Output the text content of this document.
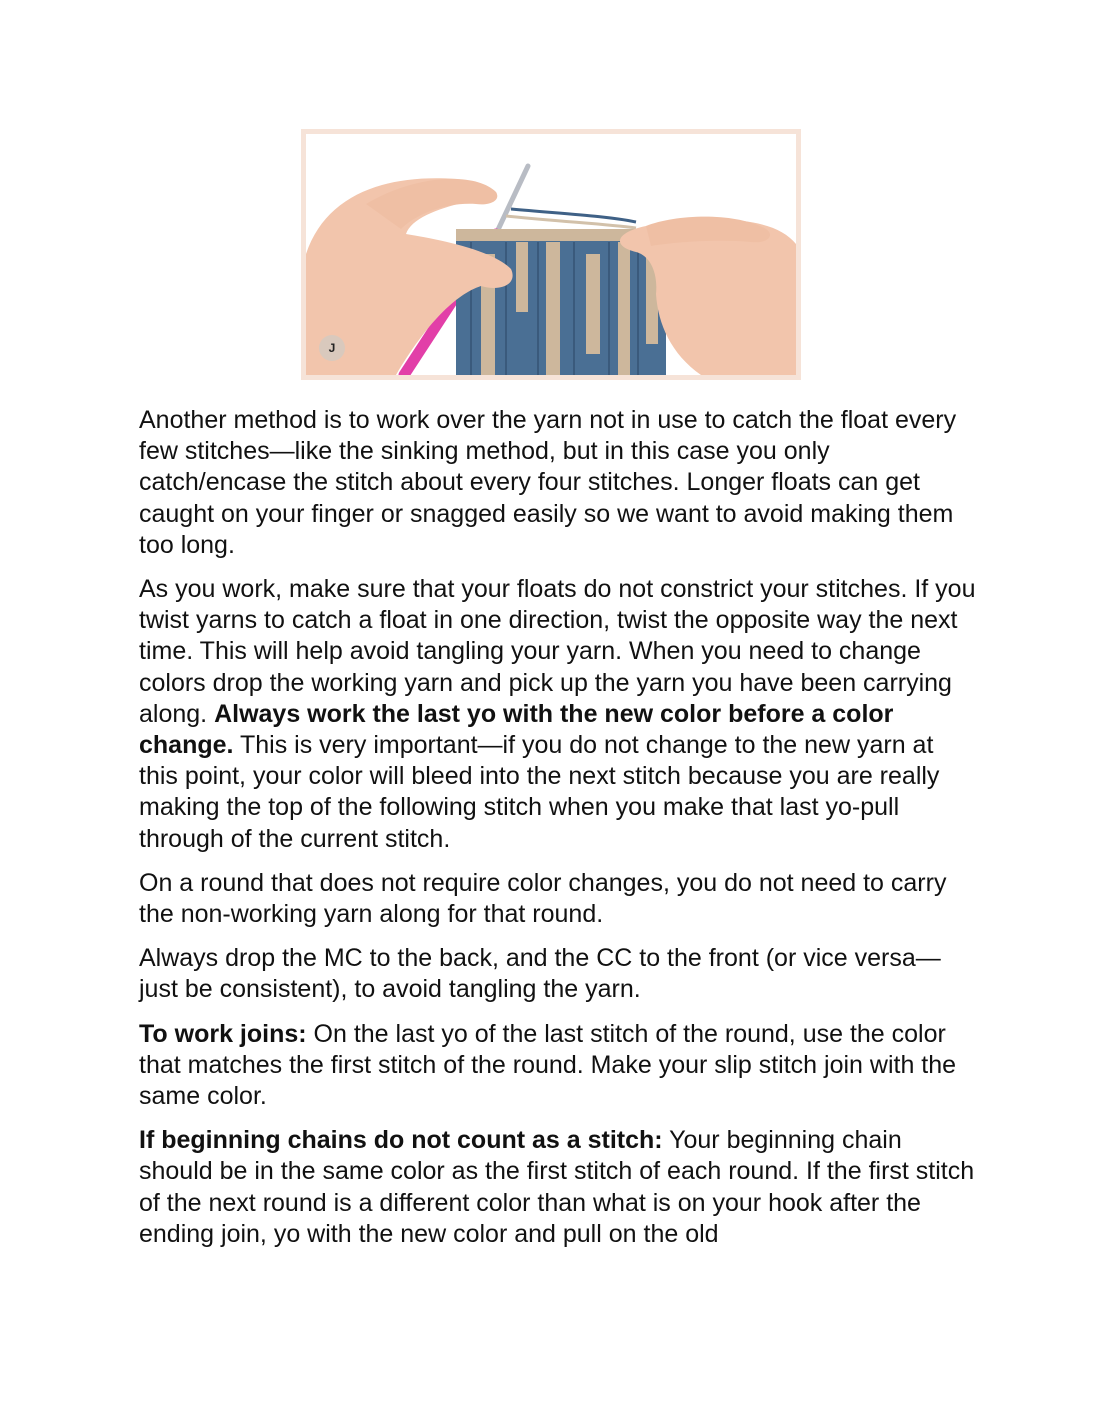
J

Another method is to work over the yarn not in use to catch the float every few stitches—like the sinking method, but in this case you only catch/encase the stitch about every four stitches. Longer floats can get caught on your finger or snagged easily so we want to avoid making them too long.

As you work, make sure that your floats do not constrict your stitches. If you twist yarns to catch a float in one direction, twist the opposite way the next time. This will help avoid tangling your yarn. When you need to change colors drop the working yarn and pick up the yarn you have been carrying along. Always work the last yo with the new color before a color change. This is very important—if you do not change to the new yarn at this point, your color will bleed into the next stitch because you are really making the top of the following stitch when you make that last yo-pull through of the current stitch.

On a round that does not require color changes, you do not need to carry the non-working yarn along for that round.

Always drop the MC to the back, and the CC to the front (or vice versa—just be consistent), to avoid tangling the yarn.

To work joins: On the last yo of the last stitch of the round, use the color that matches the first stitch of the round. Make your slip stitch join with the same color.

If beginning chains do not count as a stitch: Your beginning chain should be in the same color as the first stitch of each round. If the first stitch of the next round is a different color than what is on your hook after the ending join, yo with the new color and pull on the old
